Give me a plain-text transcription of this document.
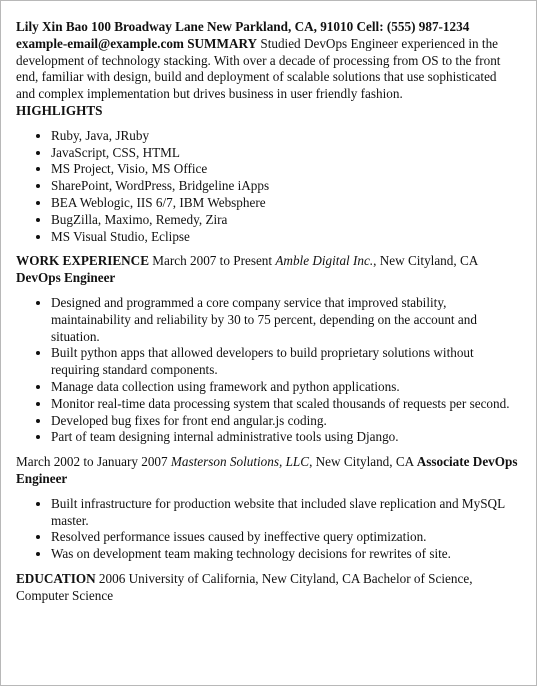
Lily Xin Bao 100 Broadway Lane New Parkland, CA, 91010 Cell: (555) 987-1234 example-email@example.com SUMMARY Studied DevOps Engineer experienced in the development of technology stacking. With over a decade of processing from OS to the front end, familiar with design, build and deployment of scalable solutions that use sophisticated and complex implementation but drives business in user friendly fashion.

HIGHLIGHTS

• Ruby, Java, JRuby
• JavaScript, CSS, HTML
• MS Project, Visio, MS Office
• SharePoint, WordPress, Bridgeline iApps
• BEA Weblogic, IIS 6/7, IBM Websphere
• BugZilla, Maximo, Remedy, Zira
• MS Visual Studio, Eclipse

WORK EXPERIENCE March 2007 to Present Amble Digital Inc., New Cityland, CA
DevOps Engineer

• Designed and programmed a core company service that improved stability, maintainability and reliability by 30 to 75 percent, depending on the account and situation.
• Built python apps that allowed developers to build proprietary solutions without requiring standard components.
• Manage data collection using framework and python applications.
• Monitor real-time data processing system that scaled thousands of requests per second.
• Developed bug fixes for front end angular.js coding.
• Part of team designing internal administrative tools using Django.

March 2002 to January 2007 Masterson Solutions, LLC, New Cityland, CA Associate DevOps Engineer

• Built infrastructure for production website that included slave replication and MySQL master.
• Resolved performance issues caused by ineffective query optimization.
• Was on development team making technology decisions for rewrites of site.

EDUCATION 2006 University of California, New Cityland, CA Bachelor of Science, Computer Science
